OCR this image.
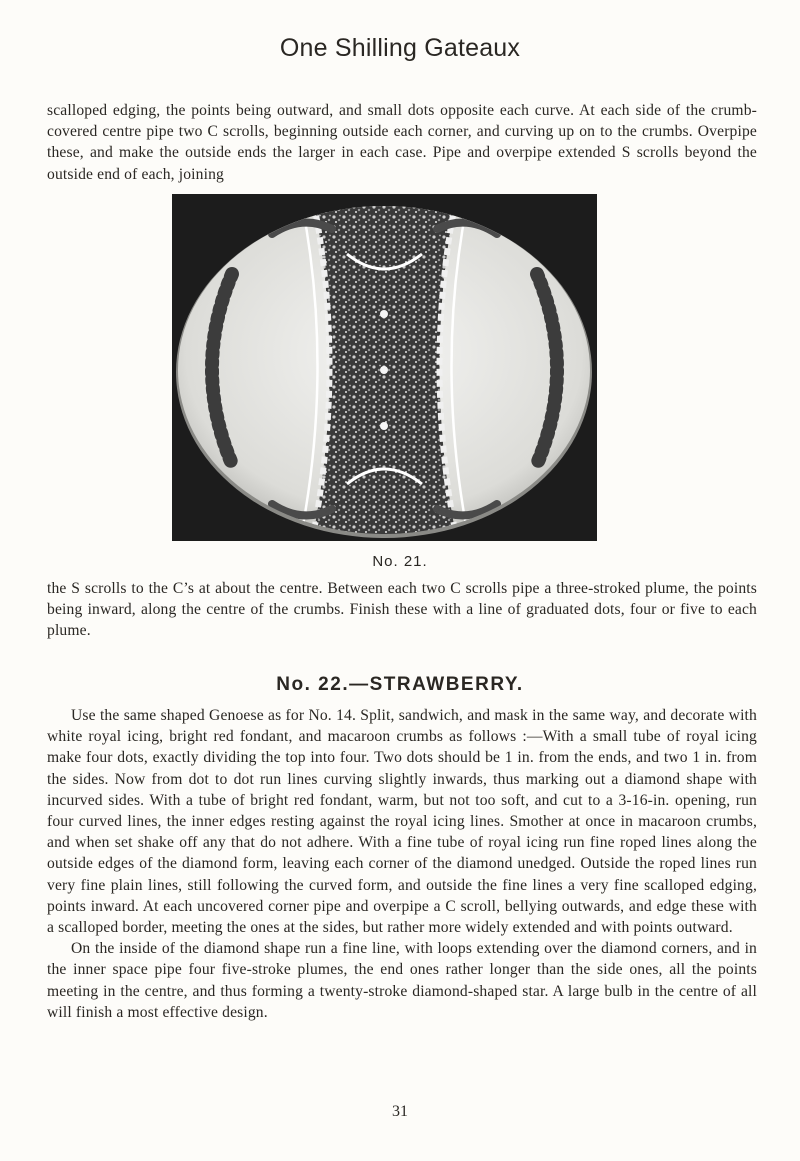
One Shilling Gateaux

scalloped edging, the points being outward, and small dots opposite each curve. At each side of the crumb-covered centre pipe two C scrolls, beginning outside each corner, and curving up on to the crumbs. Overpipe these, and make the outside ends the larger in each case. Pipe and overpipe extended S scrolls beyond the outside end of each, joining

No. 21.

the S scrolls to the C’s at about the centre. Between each two C scrolls pipe a three-stroked plume, the points being inward, along the centre of the crumbs. Finish these with a line of graduated dots, four or five to each plume.

No. 22.—STRAWBERRY.

Use the same shaped Genoese as for No. 14. Split, sandwich, and mask in the same way, and decorate with white royal icing, bright red fondant, and macaroon crumbs as follows :—With a small tube of royal icing make four dots, exactly dividing the top into four. Two dots should be 1 in. from the ends, and two 1 in. from the sides. Now from dot to dot run lines curving slightly inwards, thus marking out a diamond shape with incurved sides. With a tube of bright red fondant, warm, but not too soft, and cut to a 3-16-in. opening, run four curved lines, the inner edges resting against the royal icing lines. Smother at once in macaroon crumbs, and when set shake off any that do not adhere. With a fine tube of royal icing run fine roped lines along the outside edges of the diamond form, leaving each corner of the diamond unedged. Outside the roped lines run very fine plain lines, still following the curved form, and outside the fine lines a very fine scalloped edging, points inward. At each uncovered corner pipe and overpipe a C scroll, bellying outwards, and edge these with a scalloped border, meeting the ones at the sides, but rather more widely extended and with points outward.

On the inside of the diamond shape run a fine line, with loops extending over the diamond corners, and in the inner space pipe four five-stroke plumes, the end ones rather longer than the side ones, all the points meeting in the centre, and thus forming a twenty-stroke diamond-shaped star. A large bulb in the centre of all will finish a most effective design.

31
